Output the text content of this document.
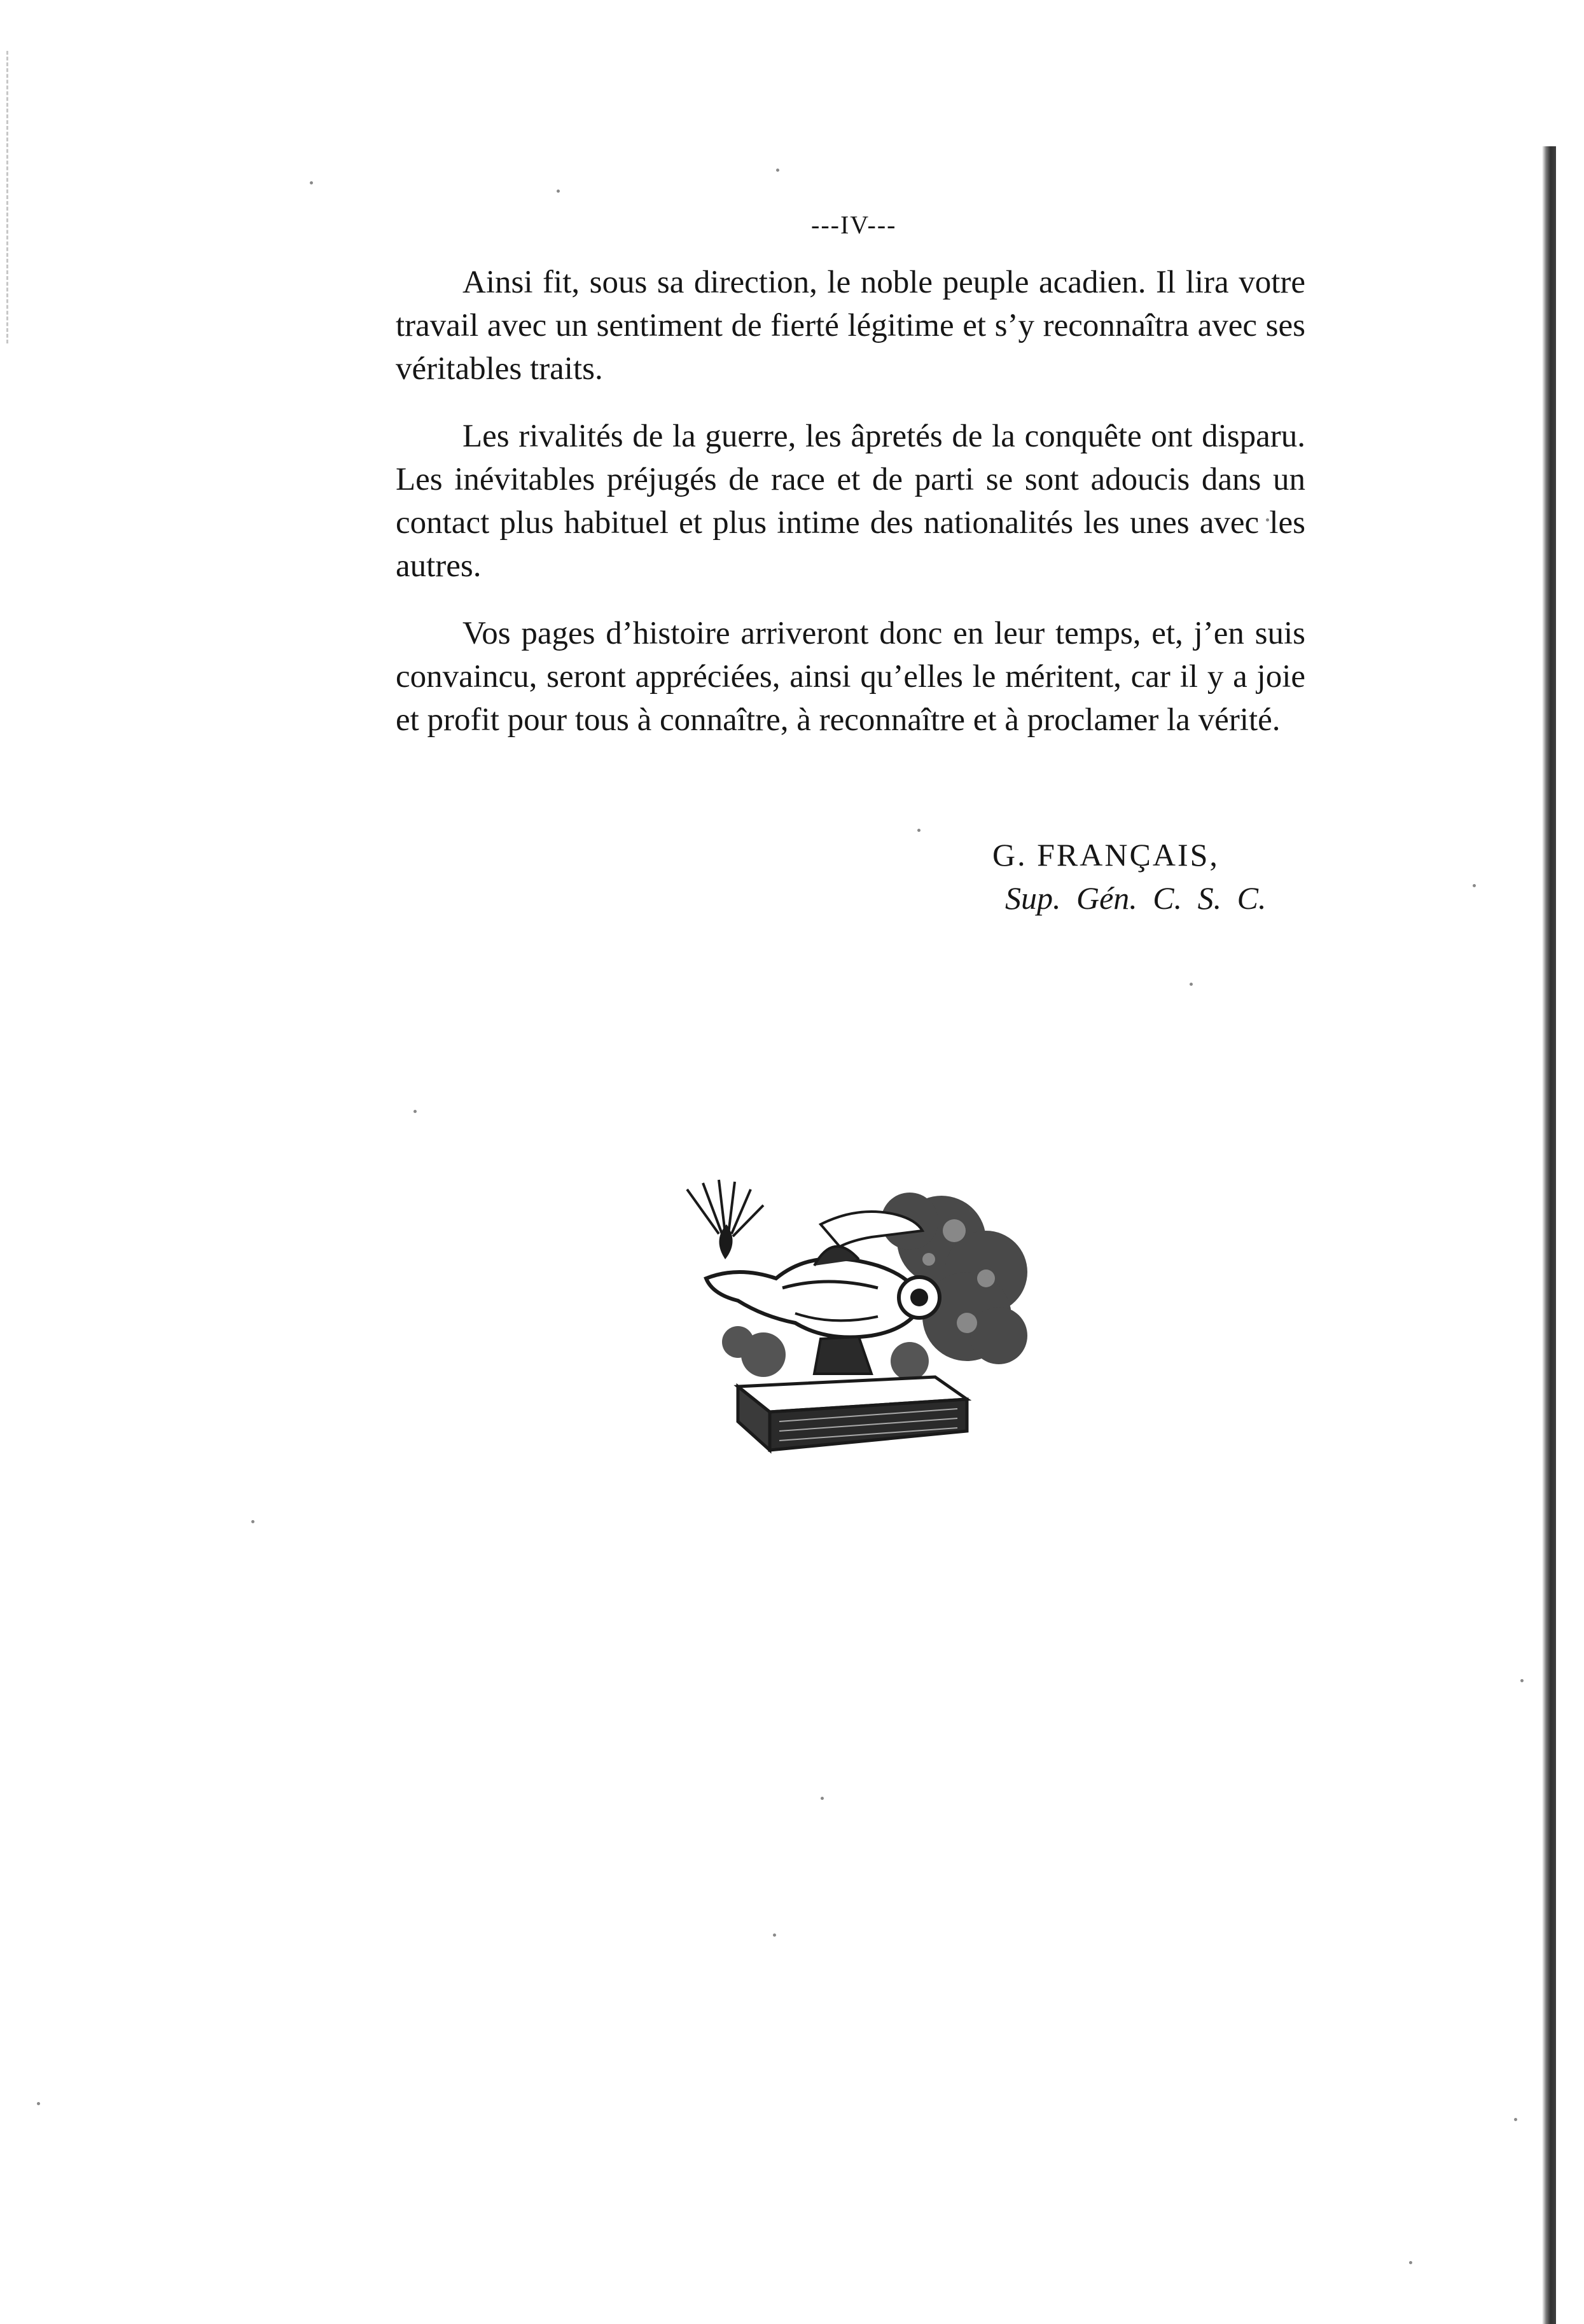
---IV---

Ainsi fit, sous sa direction, le noble peuple acadien. Il lira votre travail avec un sentiment de fierté légitime et s’y reconnaîtra avec ses véritables traits.

Les rivalités de la guerre, les âpretés de la conquête ont disparu. Les inévitables préjugés de race et de parti se sont adoucis dans un contact plus habituel et plus intime des nationalités les unes avec les autres.

Vos pages d’histoire arriveront donc en leur temps, et, j’en suis convaincu, seront appréciées, ainsi qu’elles le méritent, car il y a joie et profit pour tous à connaître, à reconnaître et à proclamer la vérité.

G. FRANÇAIS,
Sup. Gén. C. S. C.
